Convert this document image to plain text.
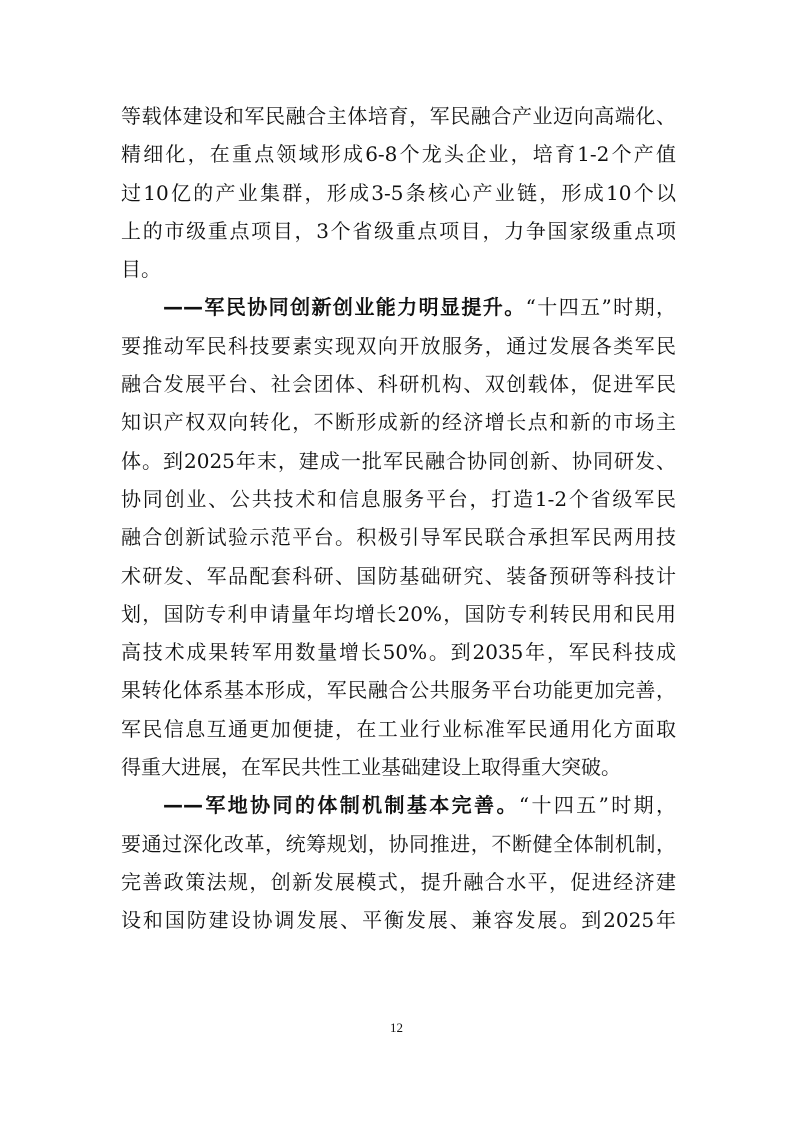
等载体建设和军民融合主体培育，军民融合产业迈向高端化、
精细化，在重点领域形成6-8个龙头企业，培育1-2个产值
过10亿的产业集群，形成3-5条核心产业链，形成10个以
上的市级重点项目，3个省级重点项目，力争国家级重点项
目。
——军民协同创新创业能力明显提升。“十四五”时期，
要推动军民科技要素实现双向开放服务，通过发展各类军民
融合发展平台、社会团体、科研机构、双创载体，促进军民
知识产权双向转化，不断形成新的经济增长点和新的市场主
体。到2025年末，建成一批军民融合协同创新、协同研发、
协同创业、公共技术和信息服务平台，打造1-2个省级军民
融合创新试验示范平台。积极引导军民联合承担军民两用技
术研发、军品配套科研、国防基础研究、装备预研等科技计
划，国防专利申请量年均增长20%，国防专利转民用和民用
高技术成果转军用数量增长50%。到2035年，军民科技成
果转化体系基本形成，军民融合公共服务平台功能更加完善，
军民信息互通更加便捷，在工业行业标准军民通用化方面取
得重大进展，在军民共性工业基础建设上取得重大突破。
——军地协同的体制机制基本完善。“十四五”时期，
要通过深化改革，统筹规划，协同推进，不断健全体制机制，
完善政策法规，创新发展模式，提升融合水平，促进经济建
设和国防建设协调发展、平衡发展、兼容发展。到2025年
12
